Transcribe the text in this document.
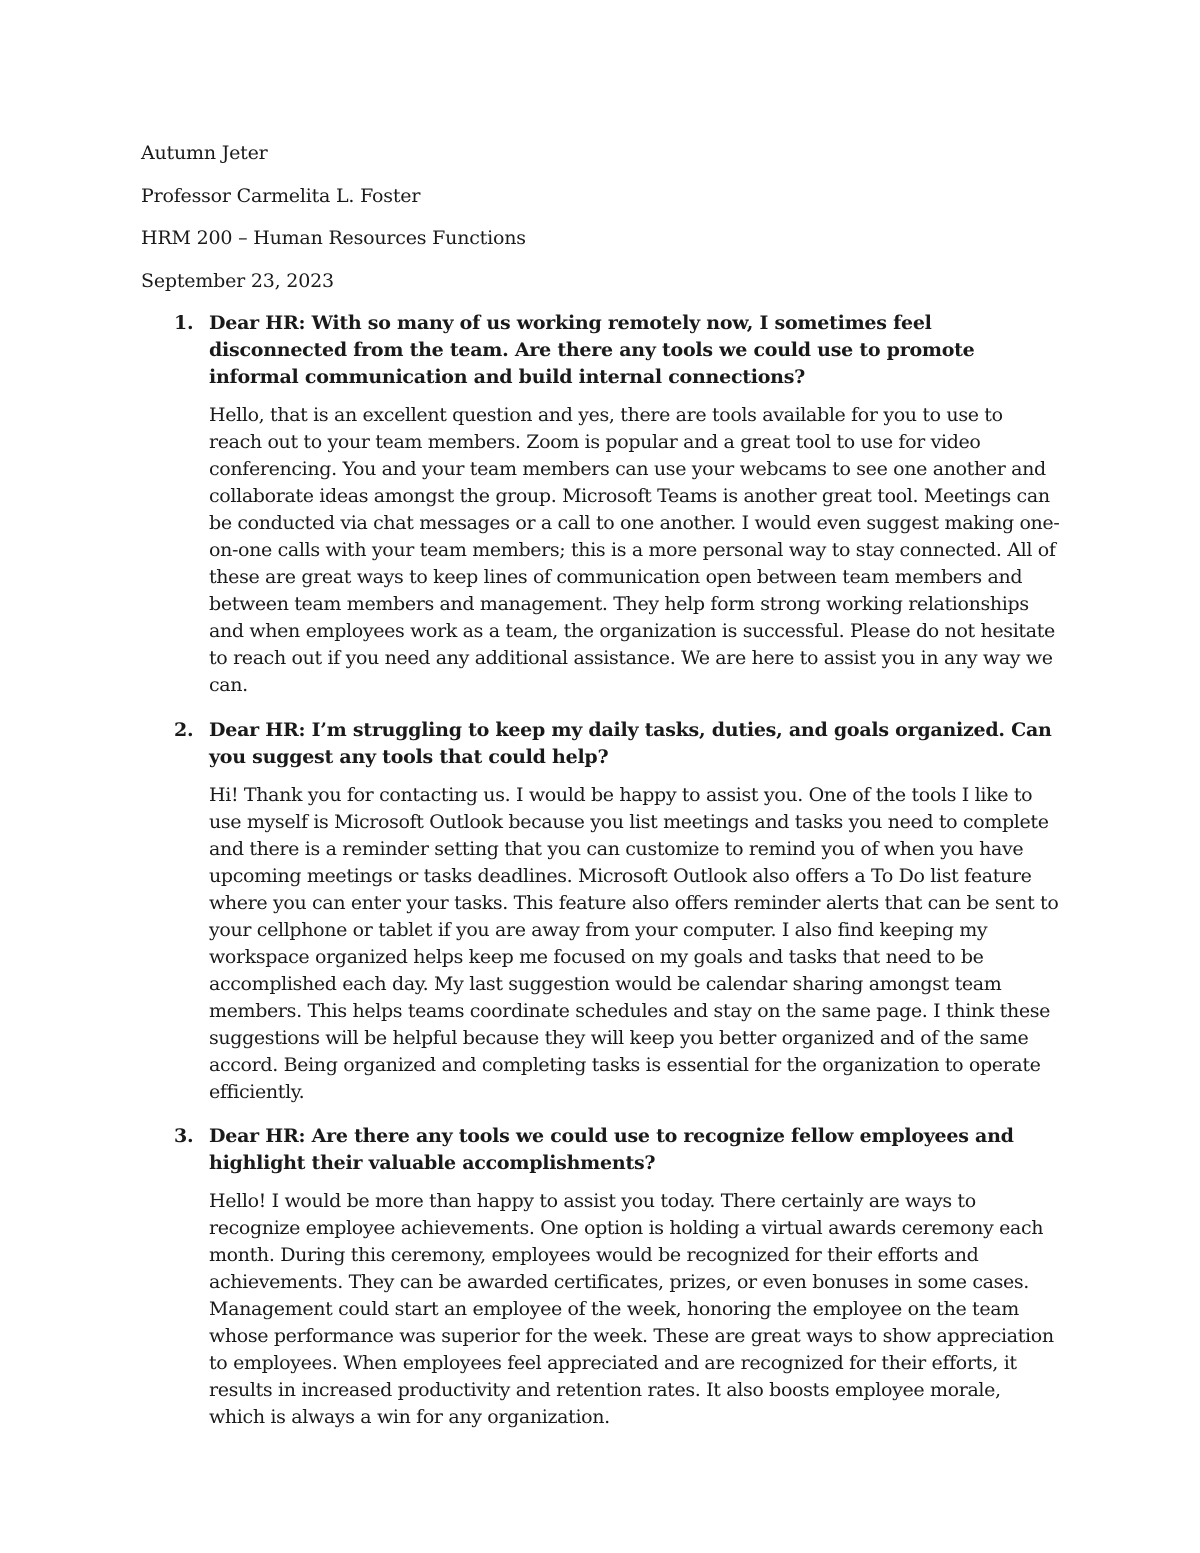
Autumn Jeter

Professor Carmelita L. Foster

HRM 200 – Human Resources Functions

September 23, 2023

1. Dear HR: With so many of us working remotely now, I sometimes feel disconnected from the team. Are there any tools we could use to promote informal communication and build internal connections?

Hello, that is an excellent question and yes, there are tools available for you to use to reach out to your team members. Zoom is popular and a great tool to use for video conferencing. You and your team members can use your webcams to see one another and collaborate ideas amongst the group. Microsoft Teams is another great tool. Meetings can be conducted via chat messages or a call to one another. I would even suggest making one-on-one calls with your team members; this is a more personal way to stay connected. All of these are great ways to keep lines of communication open between team members and between team members and management. They help form strong working relationships and when employees work as a team, the organization is successful. Please do not hesitate to reach out if you need any additional assistance. We are here to assist you in any way we can.

2. Dear HR: I’m struggling to keep my daily tasks, duties, and goals organized. Can you suggest any tools that could help?

Hi! Thank you for contacting us. I would be happy to assist you. One of the tools I like to use myself is Microsoft Outlook because you list meetings and tasks you need to complete and there is a reminder setting that you can customize to remind you of when you have upcoming meetings or tasks deadlines. Microsoft Outlook also offers a To Do list feature where you can enter your tasks. This feature also offers reminder alerts that can be sent to your cellphone or tablet if you are away from your computer. I also find keeping my workspace organized helps keep me focused on my goals and tasks that need to be accomplished each day. My last suggestion would be calendar sharing amongst team members. This helps teams coordinate schedules and stay on the same page. I think these suggestions will be helpful because they will keep you better organized and of the same accord. Being organized and completing tasks is essential for the organization to operate efficiently.

3. Dear HR: Are there any tools we could use to recognize fellow employees and highlight their valuable accomplishments?

Hello! I would be more than happy to assist you today. There certainly are ways to recognize employee achievements. One option is holding a virtual awards ceremony each month. During this ceremony, employees would be recognized for their efforts and achievements. They can be awarded certificates, prizes, or even bonuses in some cases. Management could start an employee of the week, honoring the employee on the team whose performance was superior for the week. These are great ways to show appreciation to employees. When employees feel appreciated and are recognized for their efforts, it results in increased productivity and retention rates. It also boosts employee morale, which is always a win for any organization.
